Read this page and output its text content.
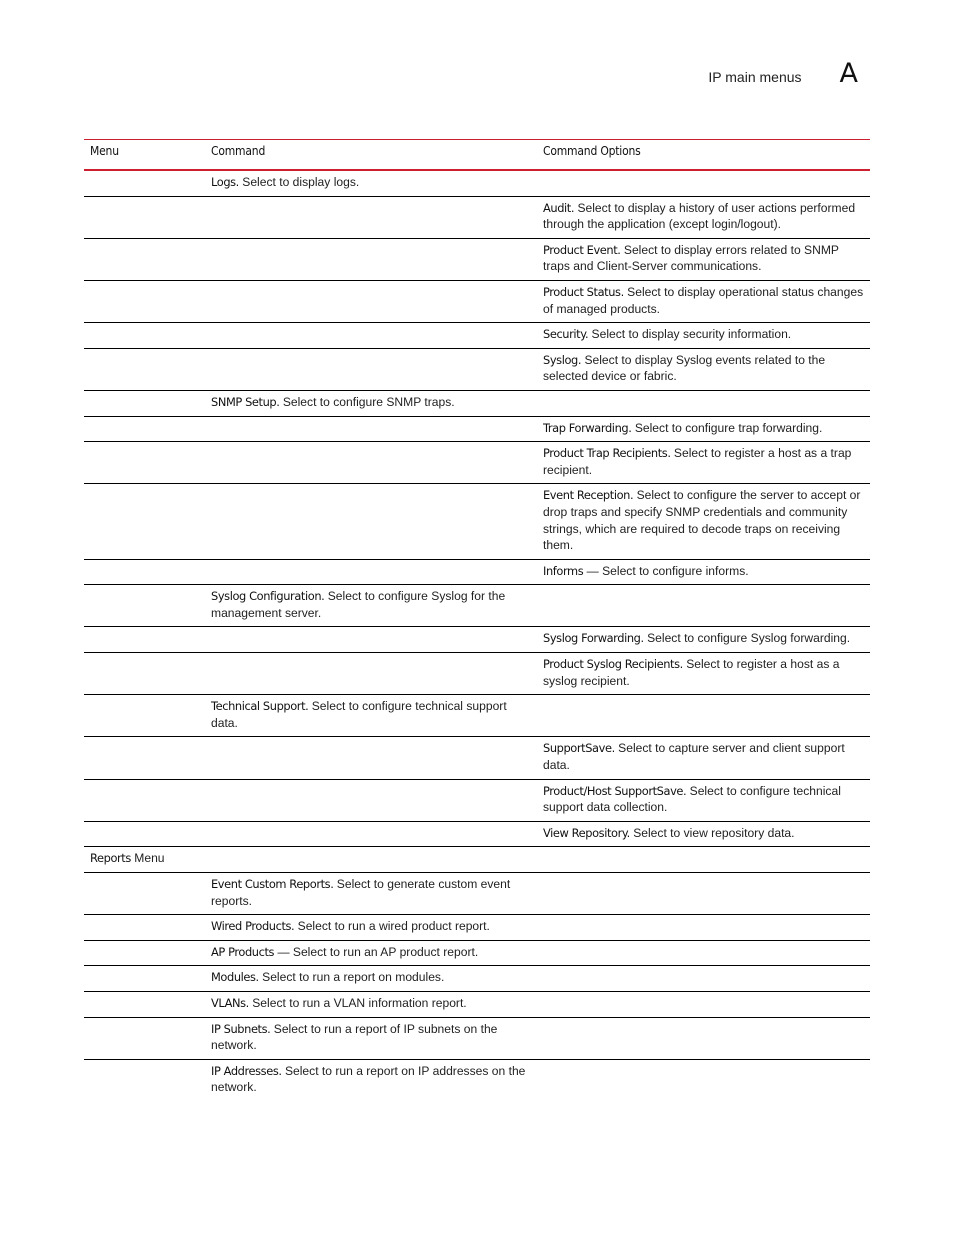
IP main menus A
Menu	Command	Command Options
	Logs. Select to display logs.	
		Audit. Select to display a history of user actions performed through the application (except login/logout).
		Product Event. Select to display errors related to SNMP traps and Client-Server communications.
		Product Status. Select to display operational status changes of managed products.
		Security. Select to display security information.
		Syslog. Select to display Syslog events related to the selected device or fabric.
	SNMP Setup. Select to configure SNMP traps.	
		Trap Forwarding. Select to configure trap forwarding.
		Product Trap Recipients. Select to register a host as a trap recipient.
		Event Reception. Select to configure the server to accept or drop traps and specify SNMP credentials and community strings, which are required to decode traps on receiving them.
		Informs — Select to configure informs.
	Syslog Configuration. Select to configure Syslog for the management server.	
		Syslog Forwarding. Select to configure Syslog forwarding.
		Product Syslog Recipients. Select to register a host as a syslog recipient.
	Technical Support. Select to configure technical support data.	
		SupportSave. Select to capture server and client support data.
		Product/Host SupportSave. Select to configure technical support data collection.
		View Repository. Select to view repository data.
Reports Menu		
	Event Custom Reports. Select to generate custom event reports.	
	Wired Products. Select to run a wired product report.	
	AP Products — Select to run an AP product report.	
	Modules. Select to run a report on modules.	
	VLANs. Select to run a VLAN information report.	
	IP Subnets. Select to run a report of IP subnets on the network.	
	IP Addresses. Select to run a report on IP addresses on the network.	
